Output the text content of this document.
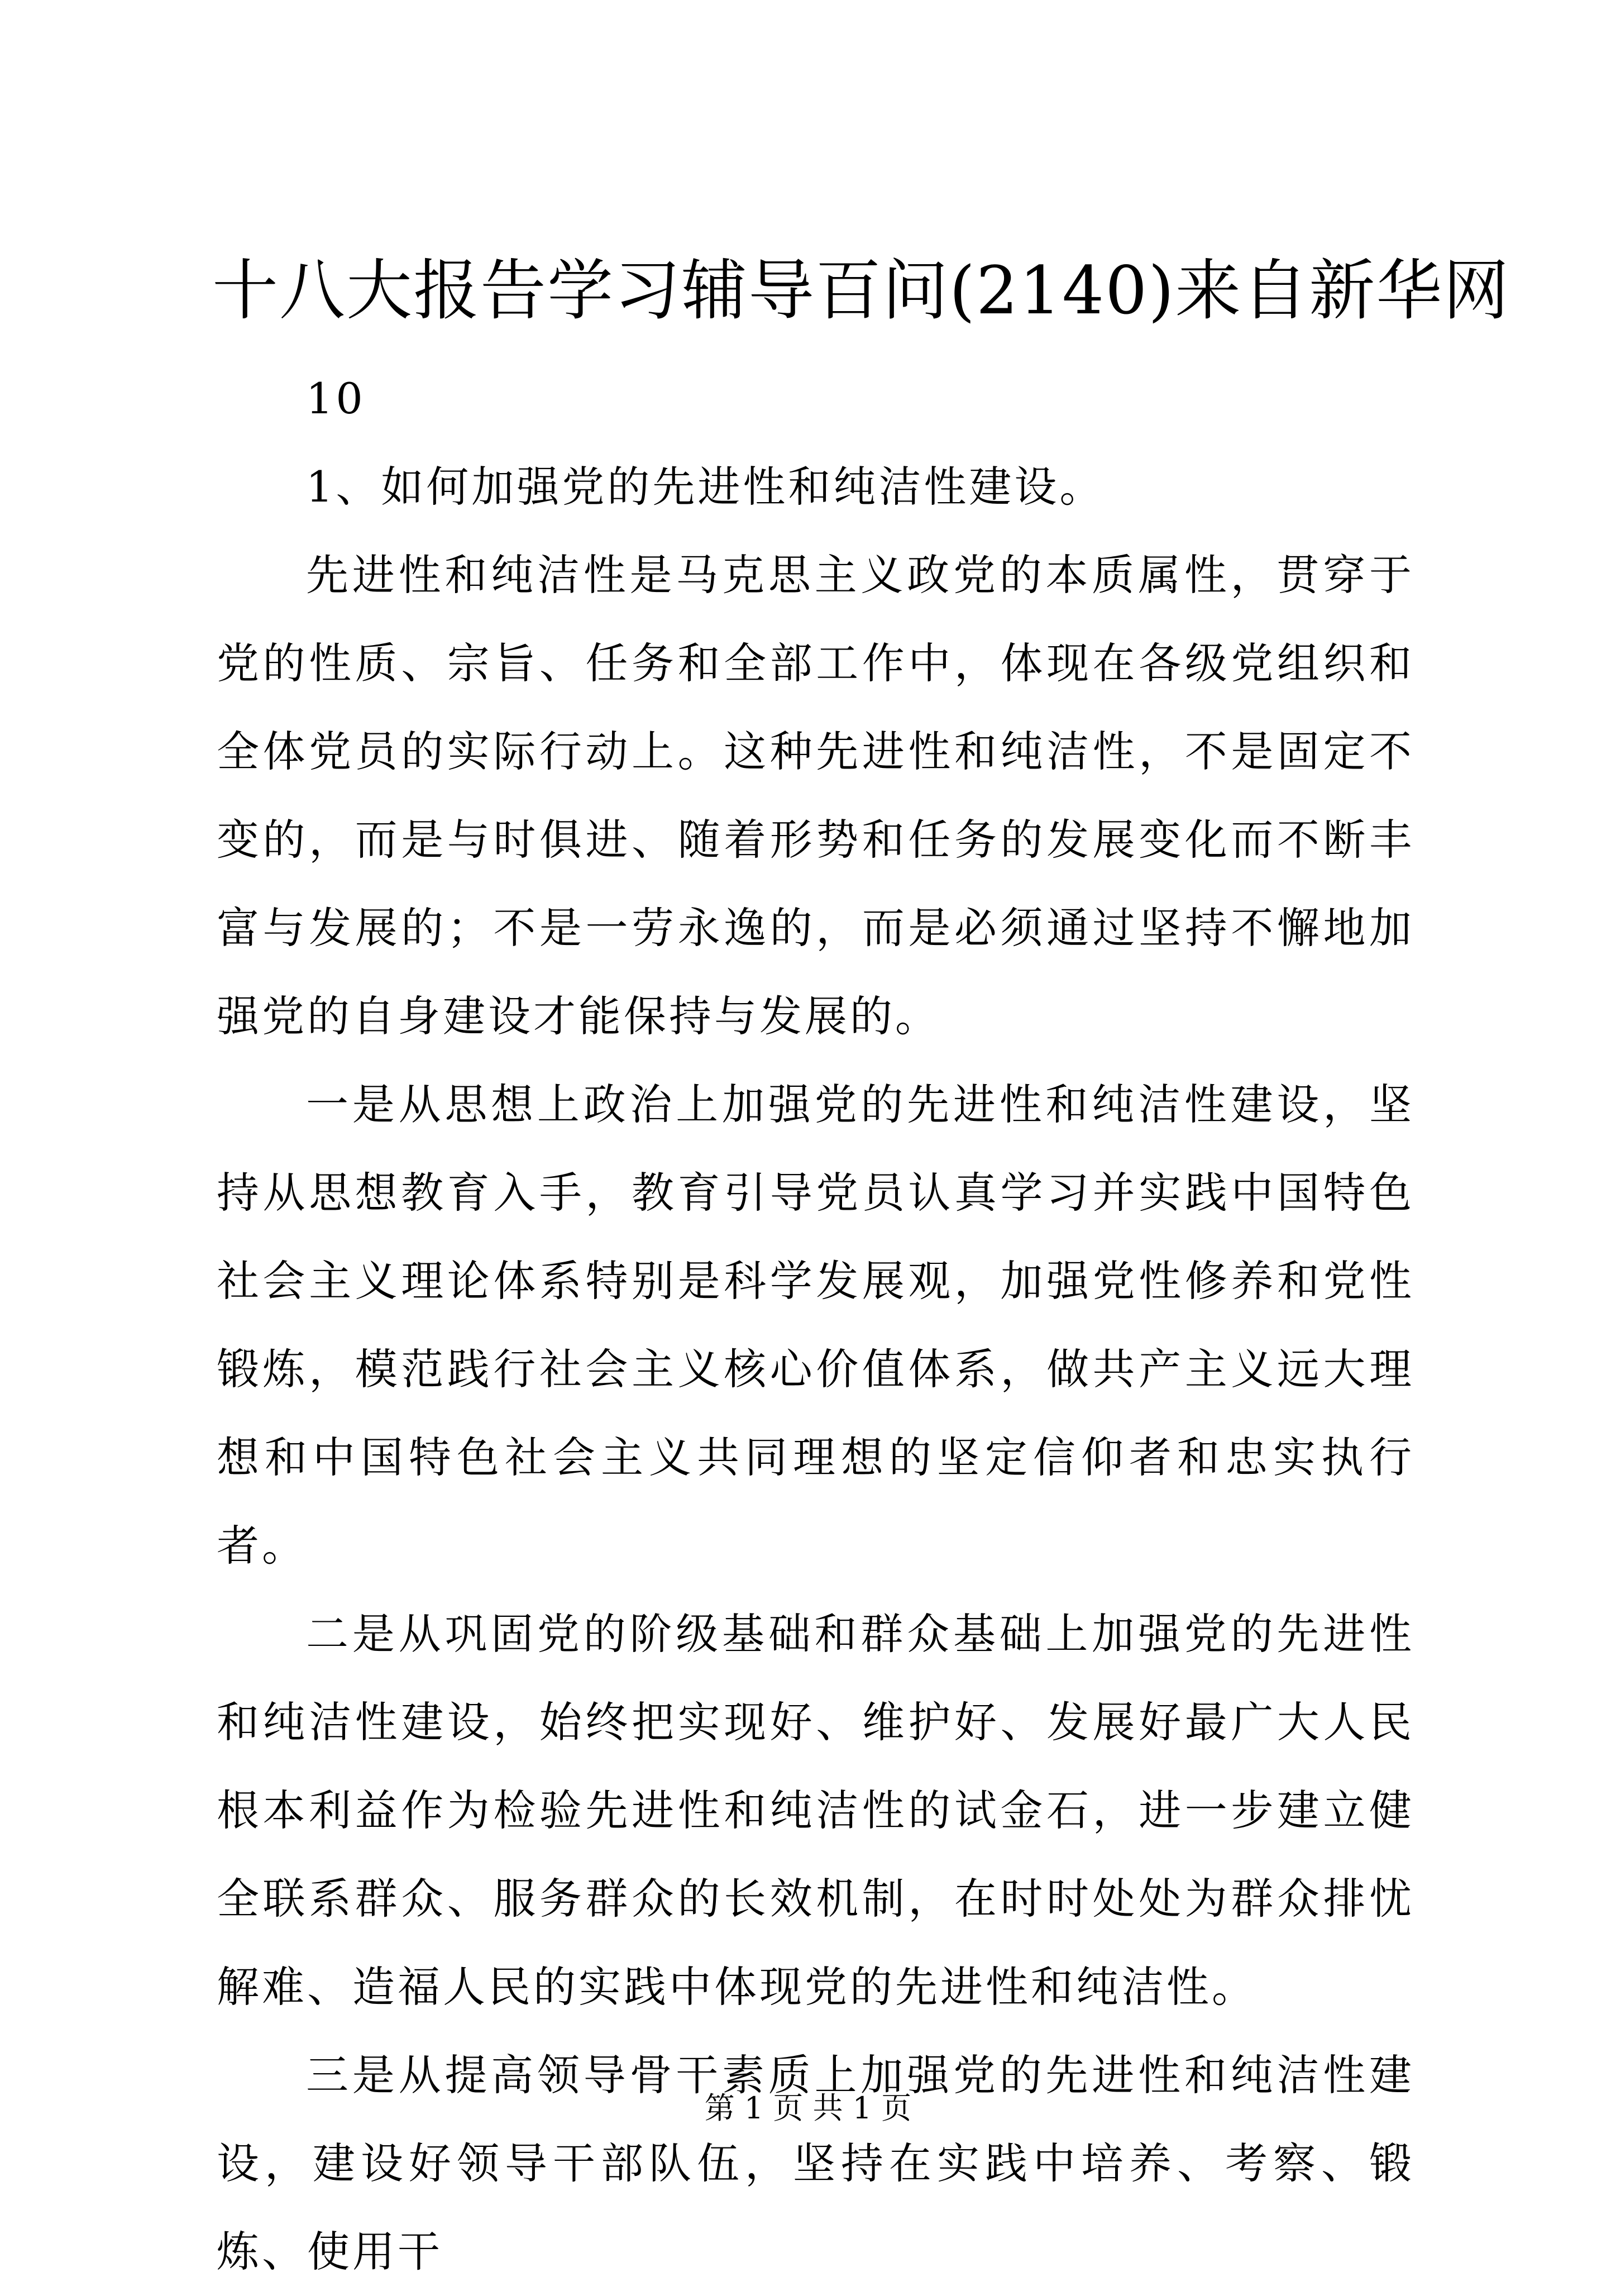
十八大报告学习辅导百问(2140)来自新华网

10

1、如何加强党的先进性和纯洁性建设。

先进性和纯洁性是马克思主义政党的本质属性，贯穿于党的性质、宗旨、任务和全部工作中，体现在各级党组织和全体党员的实际行动上。这种先进性和纯洁性，不是固定不变的，而是与时俱进、随着形势和任务的发展变化而不断丰富与发展的；不是一劳永逸的，而是必须通过坚持不懈地加强党的自身建设才能保持与发展的。

一是从思想上政治上加强党的先进性和纯洁性建设，坚持从思想教育入手，教育引导党员认真学习并实践中国特色社会主义理论体系特别是科学发展观，加强党性修养和党性锻炼，模范践行社会主义核心价值体系，做共产主义远大理想和中国特色社会主义共同理想的坚定信仰者和忠实执行者。

二是从巩固党的阶级基础和群众基础上加强党的先进性和纯洁性建设，始终把实现好、维护好、发展好最广大人民根本利益作为检验先进性和纯洁性的试金石，进一步建立健全联系群众、服务群众的长效机制，在时时处处为群众排忧解难、造福人民的实践中体现党的先进性和纯洁性。

三是从提高领导骨干素质上加强党的先进性和纯洁性建设，建设好领导干部队伍，坚持在实践中培养、考察、锻炼、使用干

第 1 页 共 1 页
